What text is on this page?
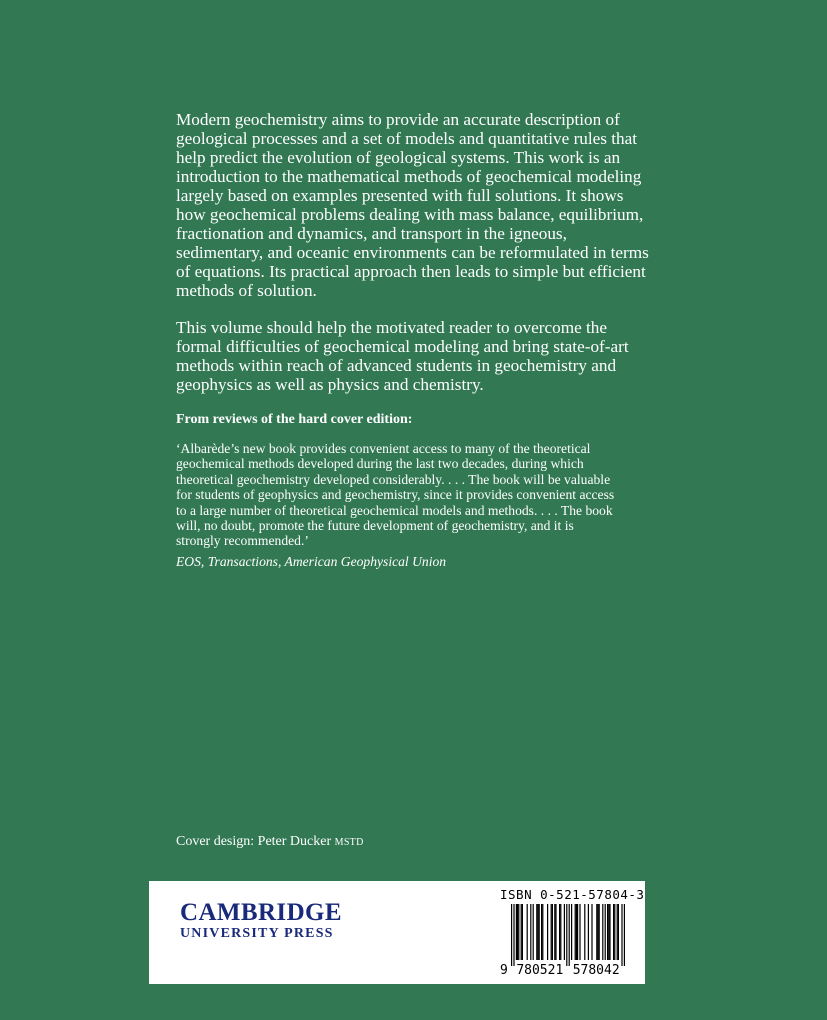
Modern geochemistry aims to provide an accurate description of geological processes and a set of models and quantitative rules that help predict the evolution of geological systems. This work is an introduction to the mathematical methods of geochemical modeling largely based on examples presented with full solutions. It shows how geochemical problems dealing with mass balance, equilibrium, fractionation and dynamics, and transport in the igneous, sedimentary, and oceanic environments can be reformulated in terms of equations. Its practical approach then leads to simple but efficient methods of solution.

This volume should help the motivated reader to overcome the formal difficulties of geochemical modeling and bring state-of-art methods within reach of advanced students in geochemistry and geophysics as well as physics and chemistry.

From reviews of the hard cover edition:

‘Albarède’s new book provides convenient access to many of the theoretical geochemical methods developed during the last two decades, during which theoretical geochemistry developed considerably. . . . The book will be valuable for students of geophysics and geochemistry, since it provides convenient access to a large number of theoretical geochemical models and methods. . . . The book will, no doubt, promote the future development of geochemistry, and it is strongly recommended.’

EOS, Transactions, American Geophysical Union

Cover design: Peter Ducker MSTD
CAMBRIDGE
UNIVERSITY PRESS
ISBN 0-521-57804-3
9 780521 578042
